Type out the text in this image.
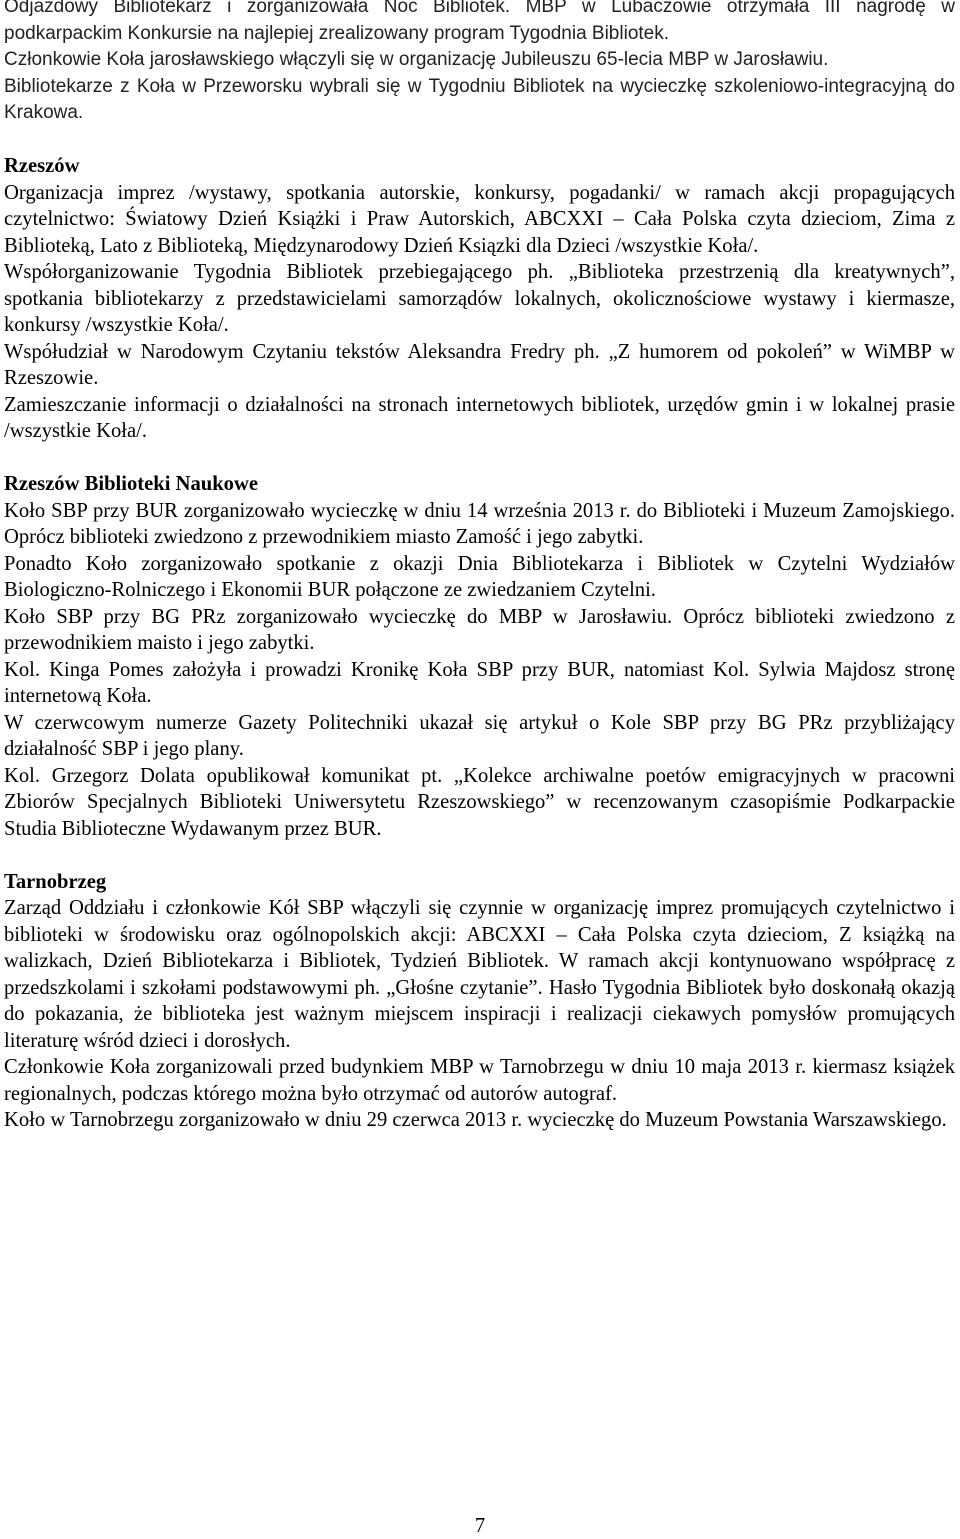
Odjazdowy Bibliotekarz i zorganizowała Noc Bibliotek. MBP w Lubaczowie otrzymała III nagrodę w podkarpackim Konkursie na najlepiej zrealizowany program Tygodnia Bibliotek.

Członkowie Koła jarosławskiego włączyli się w organizację Jubileuszu 65-lecia MBP w Jarosławiu.

Bibliotekarze z Koła w Przeworsku wybrali się w Tygodniu Bibliotek na wycieczkę szkoleniowo-integracyjną do Krakowa.

Rzeszów

Organizacja imprez /wystawy, spotkania autorskie, konkursy, pogadanki/ w ramach akcji propagujących czytelnictwo: Światowy Dzień Książki i Praw Autorskich, ABCXXI – Cała Polska czyta dzieciom, Zima z Biblioteką, Lato z Biblioteką, Międzynarodowy Dzień Ksiązki dla Dzieci /wszystkie Koła/.

Współorganizowanie Tygodnia Bibliotek przebiegającego ph. „Biblioteka przestrzenią dla kreatywnych”, spotkania bibliotekarzy z przedstawicielami samorządów lokalnych, okolicznościowe wystawy i kiermasze, konkursy /wszystkie Koła/.

Współudział w Narodowym Czytaniu tekstów Aleksandra Fredry ph. „Z humorem od pokoleń” w WiMBP w Rzeszowie.

Zamieszczanie informacji o działalności na stronach internetowych bibliotek, urzędów gmin i w lokalnej prasie /wszystkie Koła/.

Rzeszów Biblioteki Naukowe

Koło SBP przy BUR zorganizowało wycieczkę w dniu 14 września 2013 r. do Biblioteki i Muzeum Zamojskiego. Oprócz biblioteki zwiedzono z przewodnikiem miasto Zamość i jego zabytki.

Ponadto Koło zorganizowało spotkanie z okazji Dnia Bibliotekarza i Bibliotek w Czytelni Wydziałów Biologiczno-Rolniczego i Ekonomii BUR połączone ze zwiedzaniem Czytelni.

Koło SBP przy BG PRz zorganizowało wycieczkę do MBP w Jarosławiu. Oprócz biblioteki zwiedzono z przewodnikiem maisto i jego zabytki.

Kol. Kinga Pomes założyła i prowadzi Kronikę Koła SBP przy BUR, natomiast Kol. Sylwia Majdosz stronę internetową Koła.

W czerwcowym numerze Gazety Politechniki ukazał się artykuł o Kole SBP przy BG PRz przybliżający działalność SBP i jego plany.

Kol. Grzegorz Dolata opublikował komunikat pt. „Kolekce archiwalne poetów emigracyjnych w pracowni Zbiorów Specjalnych Biblioteki Uniwersytetu Rzeszowskiego” w recenzowanym czasopiśmie Podkarpackie Studia Biblioteczne Wydawanym przez BUR.

Tarnobrzeg

Zarząd Oddziału i członkowie Kół SBP włączyli się czynnie w organizację imprez promujących czytelnictwo i biblioteki w środowisku oraz ogólnopolskich akcji: ABCXXI – Cała Polska czyta dzieciom, Z książką na walizkach, Dzień Bibliotekarza i Bibliotek, Tydzień Bibliotek. W ramach akcji kontynuowano współpracę z przedszkolami i szkołami podstawowymi ph. „Głośne czytanie”. Hasło Tygodnia Bibliotek było doskonałą okazją do pokazania, że biblioteka jest ważnym miejscem inspiracji i realizacji ciekawych pomysłów promujących literaturę wśród dzieci i dorosłych.

Członkowie Koła zorganizowali przed budynkiem MBP w Tarnobrzegu w dniu 10 maja 2013 r. kiermasz książek regionalnych, podczas którego można było otrzymać od autorów autograf.

Koło w Tarnobrzegu zorganizowało w dniu 29 czerwca 2013 r. wycieczkę do Muzeum Powstania Warszawskiego.

7
